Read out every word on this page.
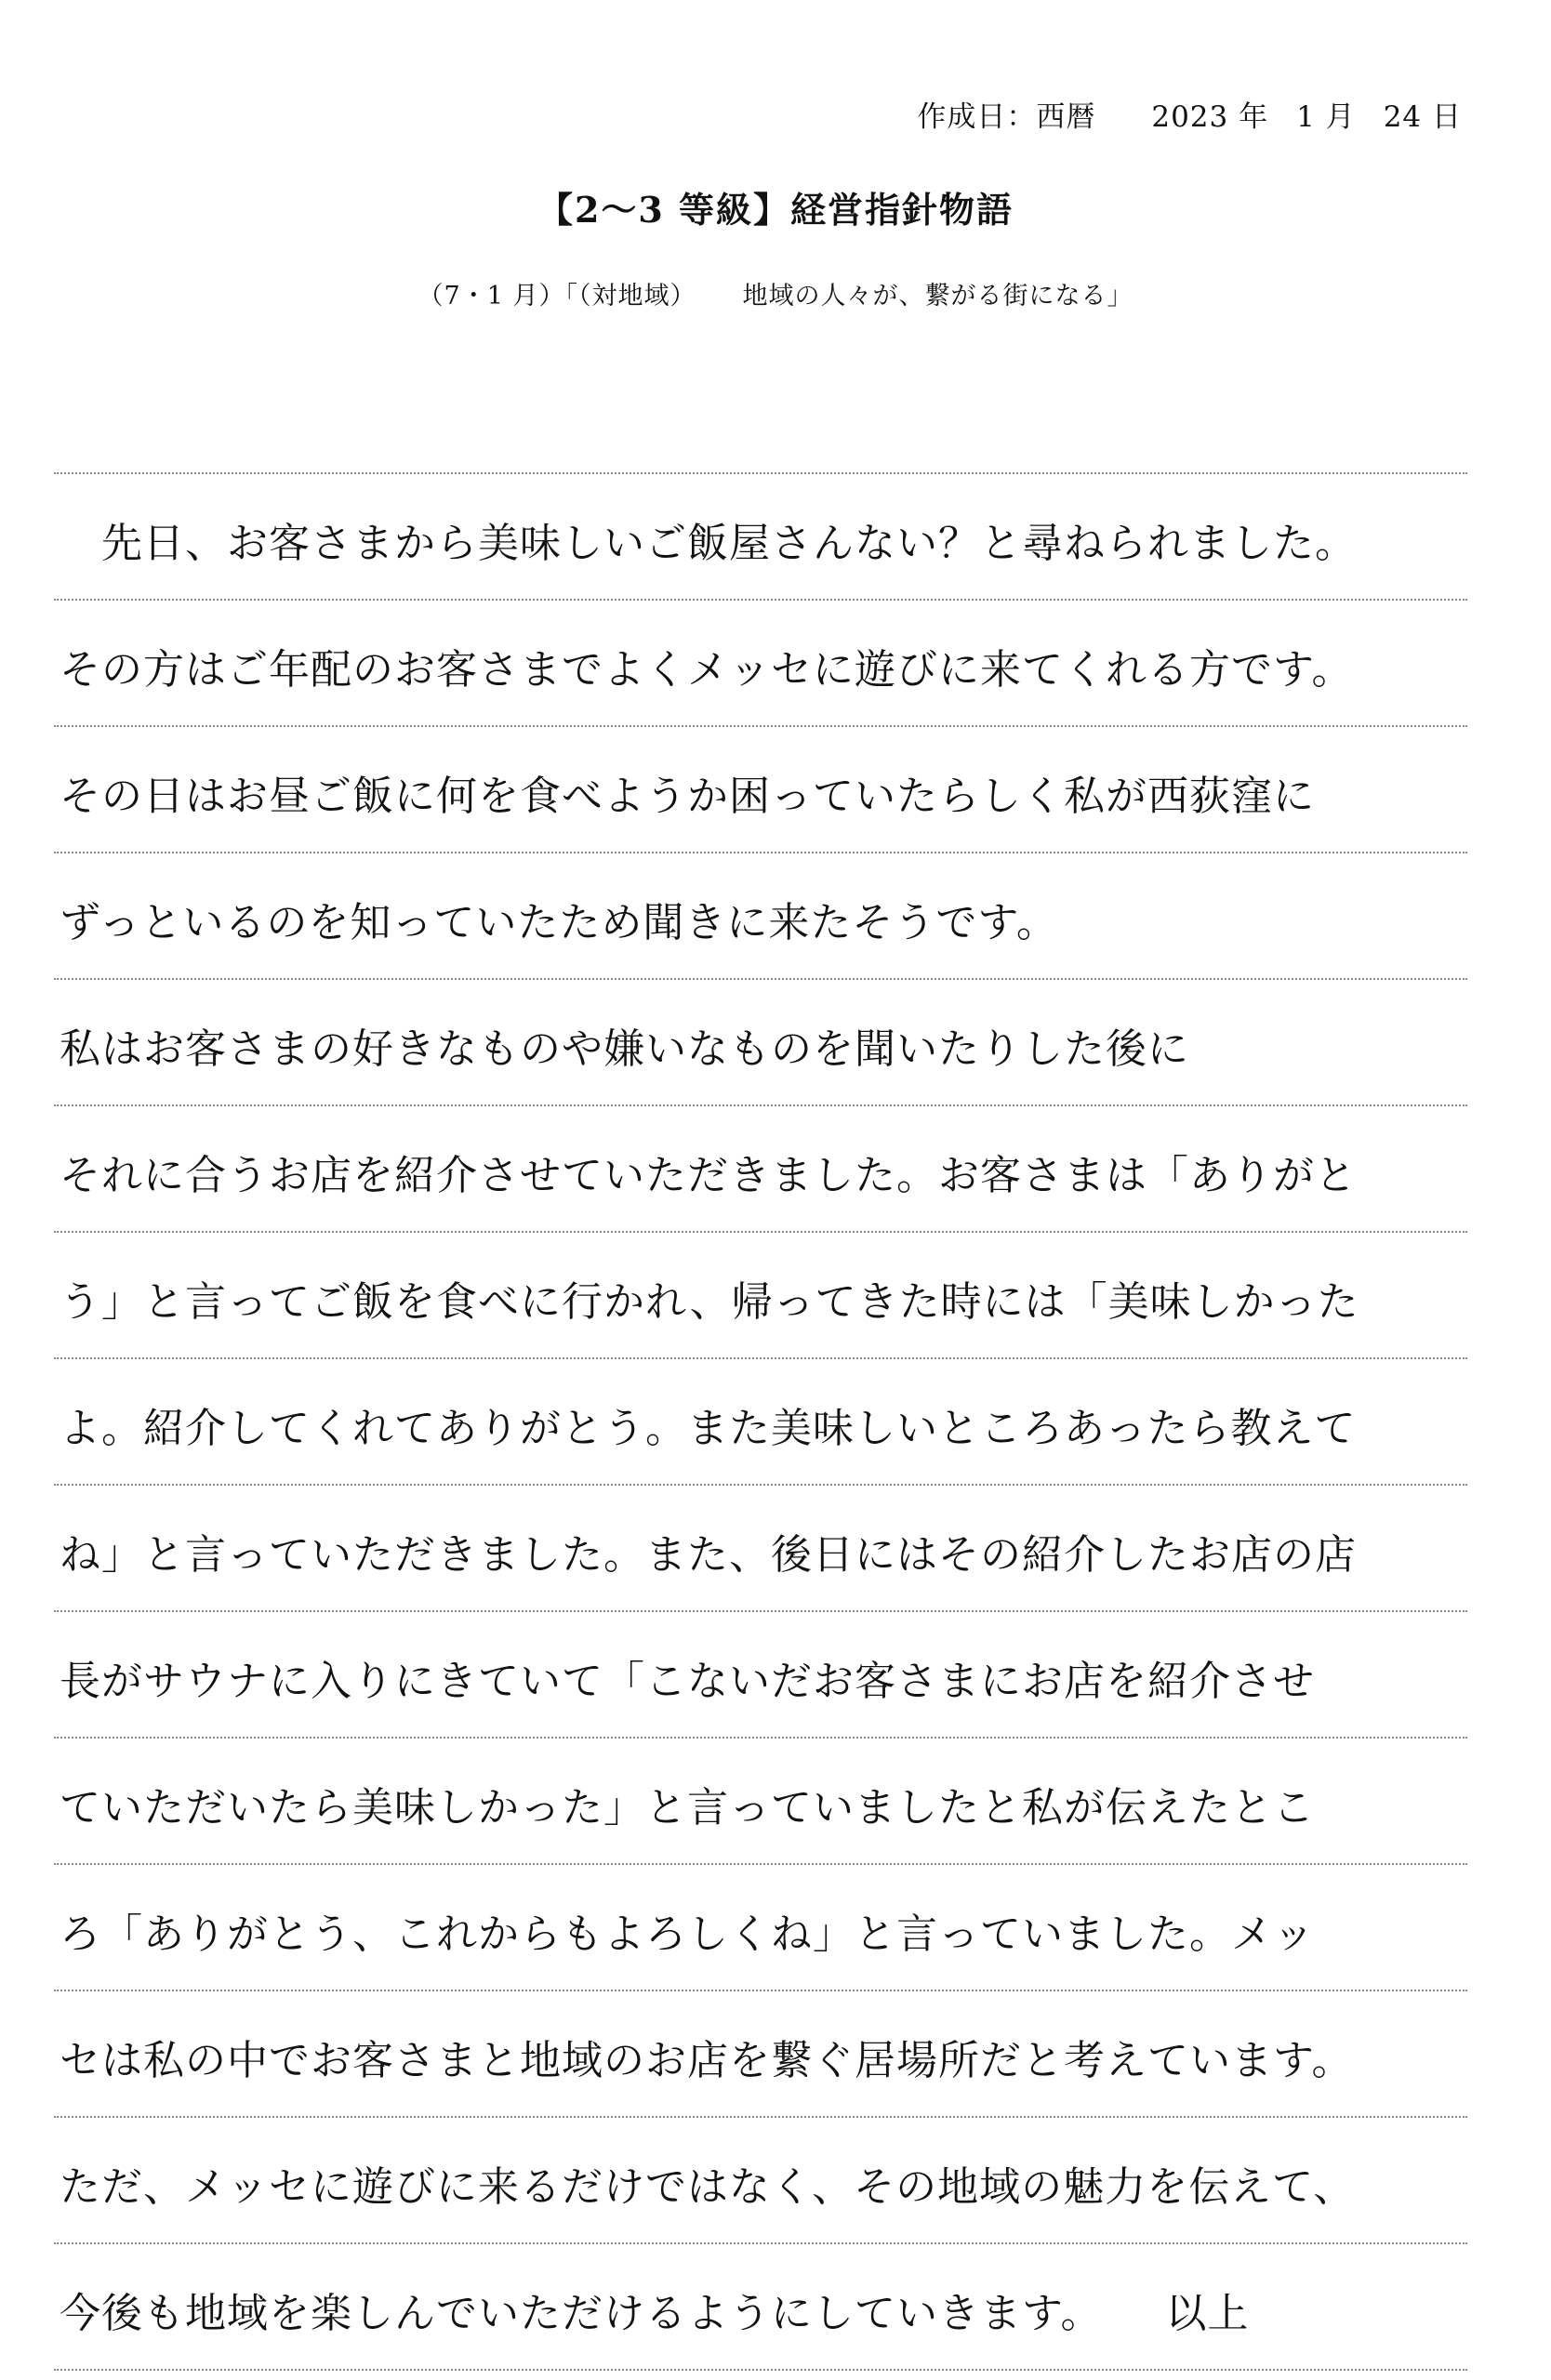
作成日：西暦 2023 年 1 月 24 日
【2～3 等級】経営指針物語
（7・1 月）「（対地域） 地域の人々が、繋がる街になる」
　先日、お客さまから美味しいご飯屋さんない？と尋ねられました。
その方はご年配のお客さまでよくメッセに遊びに来てくれる方です。
その日はお昼ご飯に何を食べようか困っていたらしく私が西荻窪に
ずっといるのを知っていたため聞きに来たそうです。
私はお客さまの好きなものや嫌いなものを聞いたりした後に
それに合うお店を紹介させていただきました。お客さまは「ありがと
う」と言ってご飯を食べに行かれ、帰ってきた時には「美味しかった
よ。紹介してくれてありがとう。また美味しいところあったら教えて
ね」と言っていただきました。また、後日にはその紹介したお店の店
長がサウナに入りにきていて「こないだお客さまにお店を紹介させ
ていただいたら美味しかった」と言っていましたと私が伝えたとこ
ろ「ありがとう、これからもよろしくね」と言っていました。メッ
セは私の中でお客さまと地域のお店を繋ぐ居場所だと考えています。
ただ、メッセに遊びに来るだけではなく、その地域の魅力を伝えて、
今後も地域を楽しんでいただけるようにしていきます。　　以上
